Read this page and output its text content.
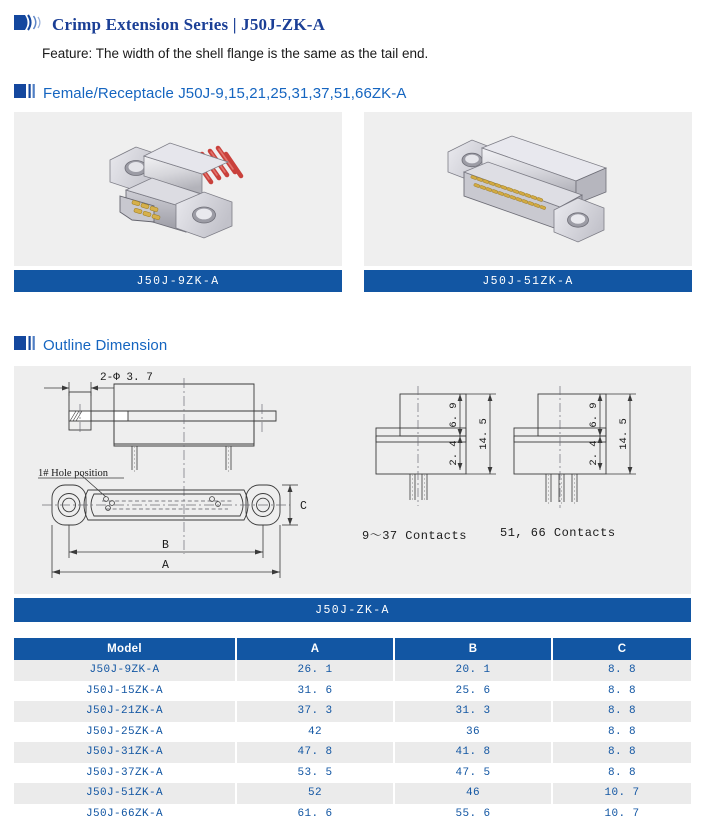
Crimp Extension Series | J50J-ZK-A
Feature: The width of the shell flange is the same as the tail end.
Female/Receptacle J50J-9,15,21,25,31,37,51,66ZK-A
J50J-9ZK-A	J50J-51ZK-A
Outline Dimension
2-Φ 3. 7
1# Hole position
C
B
A
6. 9
2. 4
14. 5
6. 9
2. 4
14. 5
9～37 Contacts	51, 66 Contacts
J50J-ZK-A
Model	A	B	C
J50J-9ZK-A	26. 1	20. 1	8. 8
J50J-15ZK-A	31. 6	25. 6	8. 8
J50J-21ZK-A	37. 3	31. 3	8. 8
J50J-25ZK-A	42	36	8. 8
J50J-31ZK-A	47. 8	41. 8	8. 8
J50J-37ZK-A	53. 5	47. 5	8. 8
J50J-51ZK-A	52	46	10. 7
J50J-66ZK-A	61. 6	55. 6	10. 7
